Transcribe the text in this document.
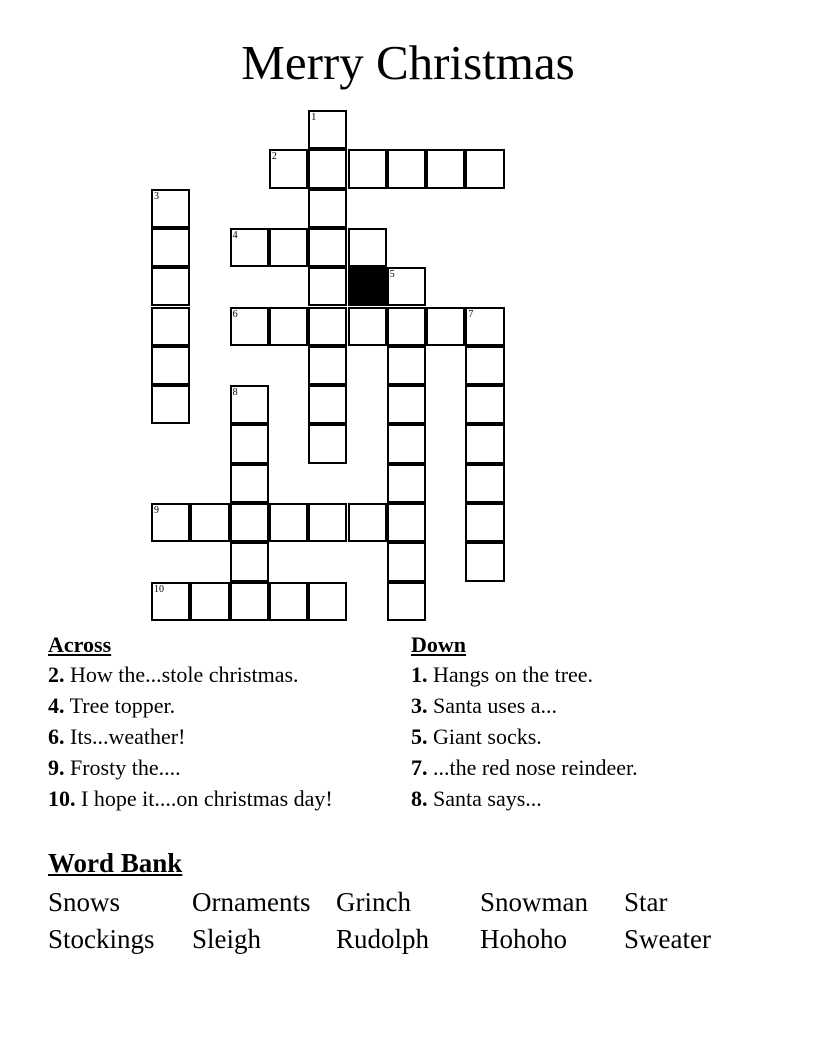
Merry Christmas
1
2
3
4
5
6	7
8
9
10
Across
2. How the...stole christmas.
4. Tree topper.
6. Its...weather!
9. Frosty the....
10. I hope it....on christmas day!
Down
1. Hangs on the tree.
3. Santa uses a...
5. Giant socks.
7. ...the red nose reindeer.
8. Santa says...
Word Bank
Snows	Ornaments Grinch	Snowman	Star
Stockings	Sleigh	Rudolph	Hohoho	Sweater
